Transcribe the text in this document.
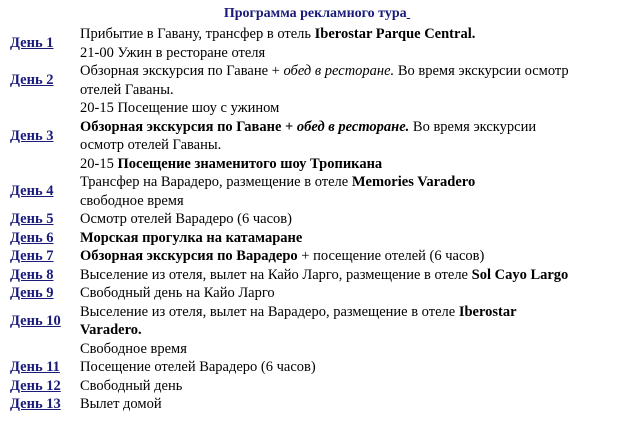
Программа рекламного тура
День 1	Прибытие в Гавану, трансфер в отель Iberostar Parque Central.
	21-00 Ужин в ресторане отеля
День 2	Обзорная экскурсия по Гаване + обед в ресторане. Во время экскурсии осмотр
	отелей Гаваны.
	20-15 Посещение шоу с ужином
День 3	Обзорная экскурсия по Гаване + обед в ресторане. Во время экскурсии
	осмотр отелей Гаваны.
	20-15 Посещение знаменитого шоу Тропикана
День 4	Трансфер на Варадеро, размещение в отеле Memories Varadero
	свободное время
День 5	Осмотр отелей Варадеро (6 часов)
День 6	Морская прогулка на катамаране
День 7	Обзорная экскурсия по Варадеро + посещение отелей (6 часов)
День 8	Выселение из отеля, вылет на Кайо Ларго, размещение в отеле Sol Cayo Largo
День 9	Свободный день на Кайо Ларго
День 10	Выселение из отеля, вылет на Варадеро, размещение в отеле Iberostar
	Varadero.
	Свободное время
День 11	Посещение отелей Варадеро (6 часов)
День 12	Свободный день
День 13	Вылет домой
